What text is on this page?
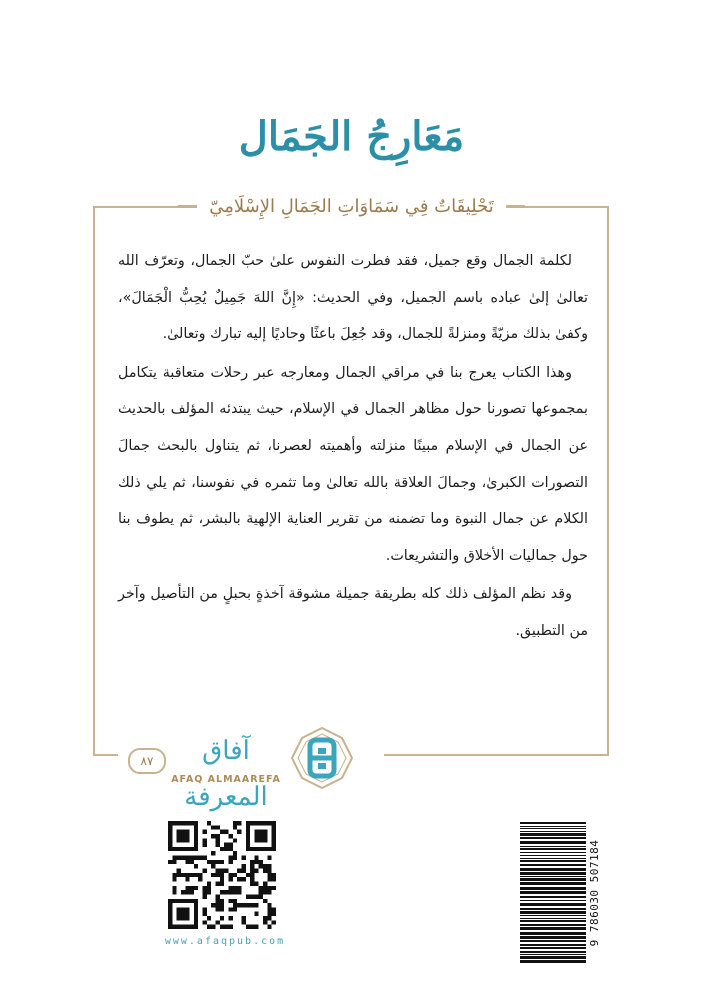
مَعَارِجُ الجَمَال
تَحْلِيقَاتٌ فِي سَمَاوَاتِ الجَمَالِ الإِسْلَامِيّ

لكلمة الجمال وقع جميل، فقد فطرت النفوس علىٰ حبّ الجمال، وتعرّف الله تعالىٰ إلىٰ عباده باسم الجميل، وفي الحديث: «إِنَّ اللهَ جَمِيلٌ يُحِبُّ الْجَمَالَ»، وكفىٰ بذلك مزيّةً ومنزلةً للجمال، وقد جُعِلَ باعثًا وحاديًا إليه تبارك وتعالىٰ.

وهذا الكتاب يعرج بنا في مراقي الجمال ومعارجه عبر رحلات متعاقبة يتكامل بمجموعها تصورنا حول مظاهر الجمال في الإسلام، حيث يبتدئه المؤلف بالحديث عن الجمال في الإسلام مبينًا منزلته وأهميته لعصرنا، ثم يتناول بالبحث جمالَ التصورات الكبرىٰ، وجمالَ العلاقة بالله تعالىٰ وما تثمره في نفوسنا، ثم يلي ذلك الكلام عن جمال النبوة وما تضمنه من تقرير العناية الإلهية بالبشر، ثم يطوف بنا حول جماليات الأخلاق والتشريعات.

وقد نظم المؤلف ذلك كله بطريقة جميلة مشوقة آخذةٍ بحبلٍ من التأصيل وآخر من التطبيق.

٨٧	آفاق المعرفة
AFAQ ALMAAREFA
www.afaqpub.com	9 786030 507184
